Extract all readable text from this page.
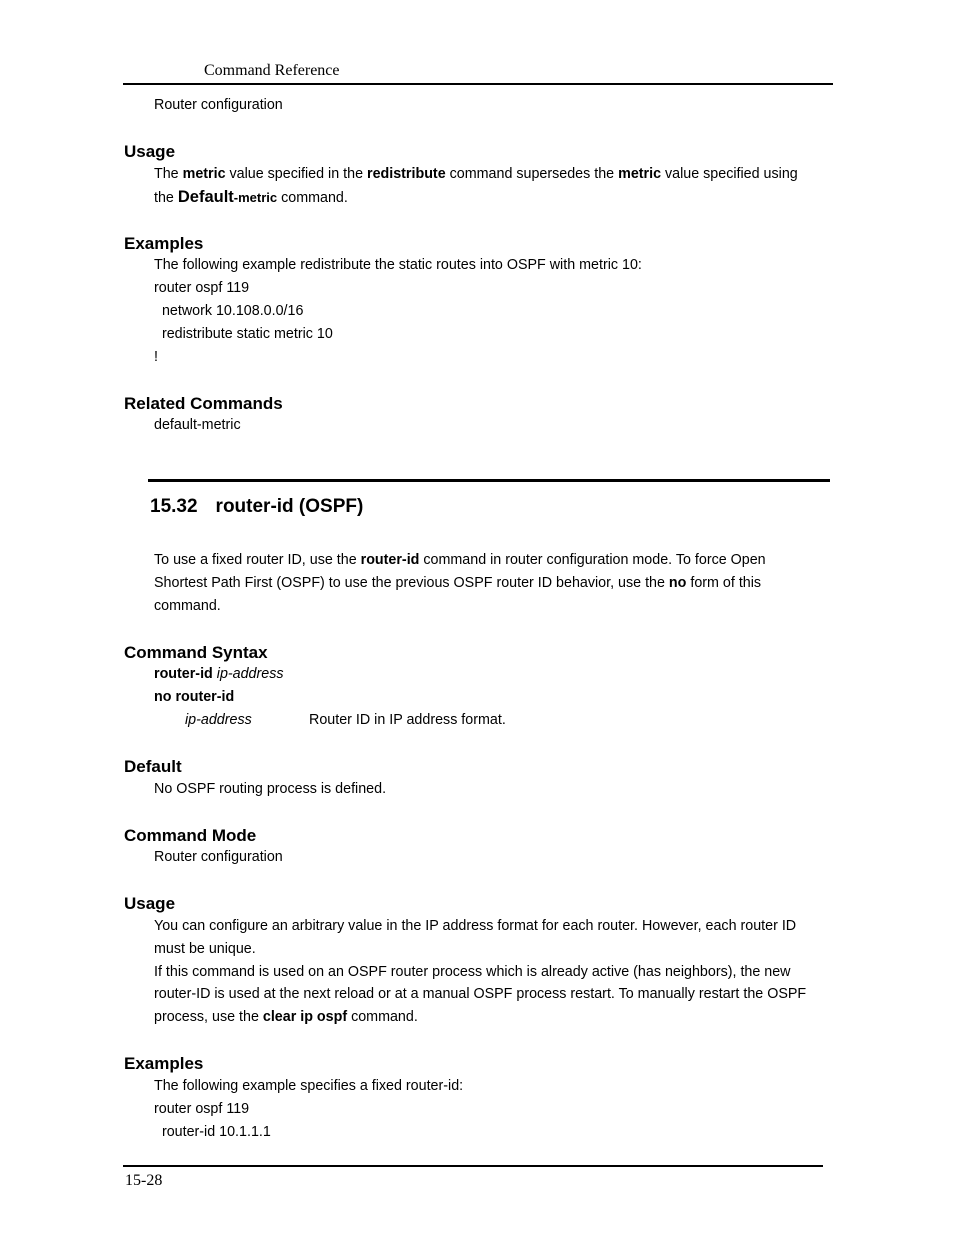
Command Reference
Router configuration
Usage
The metric value specified in the redistribute command supersedes the metric value specified using
the Default-metric command.
Examples
The following example redistribute the static routes into OSPF with metric 10:
router ospf 119
network 10.108.0.0/16
redistribute static metric 10
!
Related Commands
default-metric
15.32 router-id (OSPF)
To use a fixed router ID, use the router-id command in router configuration mode. To force Open
Shortest Path First (OSPF) to use the previous OSPF router ID behavior, use the no form of this
command.
Command Syntax
router-id ip-address
no router-id
ip-address	Router ID in IP address format.
Default
No OSPF routing process is defined.
Command Mode
Router configuration
Usage
You can configure an arbitrary value in the IP address format for each router. However, each router ID
must be unique.
If this command is used on an OSPF router process which is already active (has neighbors), the new
router-ID is used at the next reload or at a manual OSPF process restart. To manually restart the OSPF
process, use the clear ip ospf command.
Examples
The following example specifies a fixed router-id:
router ospf 119
router-id 10.1.1.1
15-28
